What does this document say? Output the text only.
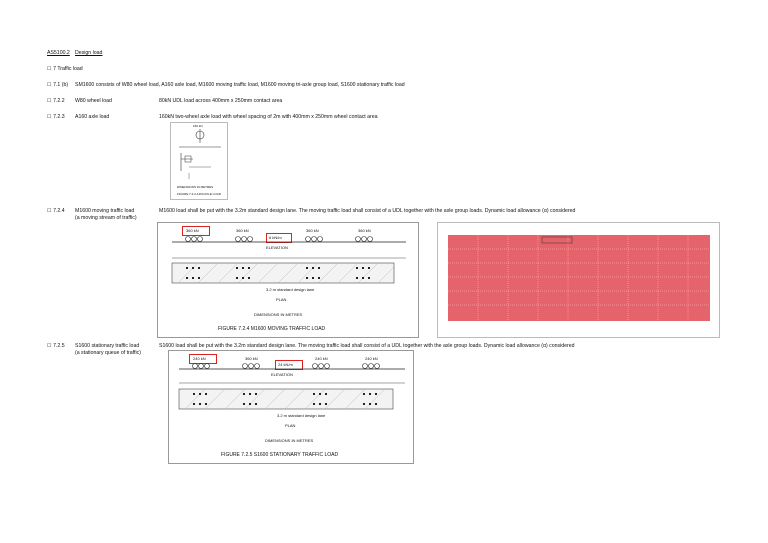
AS5100.2 Design load
☐ 7 Traffic load
☐ 7.1 (b) SM1600 consists of W80 wheel load, A160 axle load, M1600 moving traffic load, M1600 moving tri-axle group load, S1600 stationary traffic load
☐ 7.2.2 W80 wheel load	80kN UDL load across 400mm x 250mm contact area
☐ 7.2.3 A160 axle load	160kN two-wheel axle load with wheel spacing of 2m with 400mm x 250mm wheel contact area
160 kN
DIMENSIONS IN METRES
FIGURE 7.2.3 A160 AXLE LOAD
☐ 7.2.4 M1600 moving traffic load
(a moving stream of traffic)
M1600 load shall be put with the 3.2m standard design lane. The moving traffic load shall consist of a UDL together with the axle group loads. Dynamic load allowance (α) considered
360 kN	360 kN	360 kN	360 kN
6 kN/m
ELEVATION
3.2 m standard design lane
PLAN
DIMENSIONS IN METRES
FIGURE 7.2.4 M1600 MOVING TRAFFIC LOAD
☐ 7.2.5 S1600 stationary traffic load
(a stationary queue of traffic)
S1600 load shall be put with the 3.2m standard design lane. The moving traffic load shall consist of a UDL together with the axle group loads. Dynamic load allowance (α) considered
240 kN	360 kN	240 kN	240 kN
24 kN/m
ELEVATION
3.2 m standard design lane
PLAN
DIMENSIONS IN METRES
FIGURE 7.2.5 S1600 STATIONARY TRAFFIC LOAD
